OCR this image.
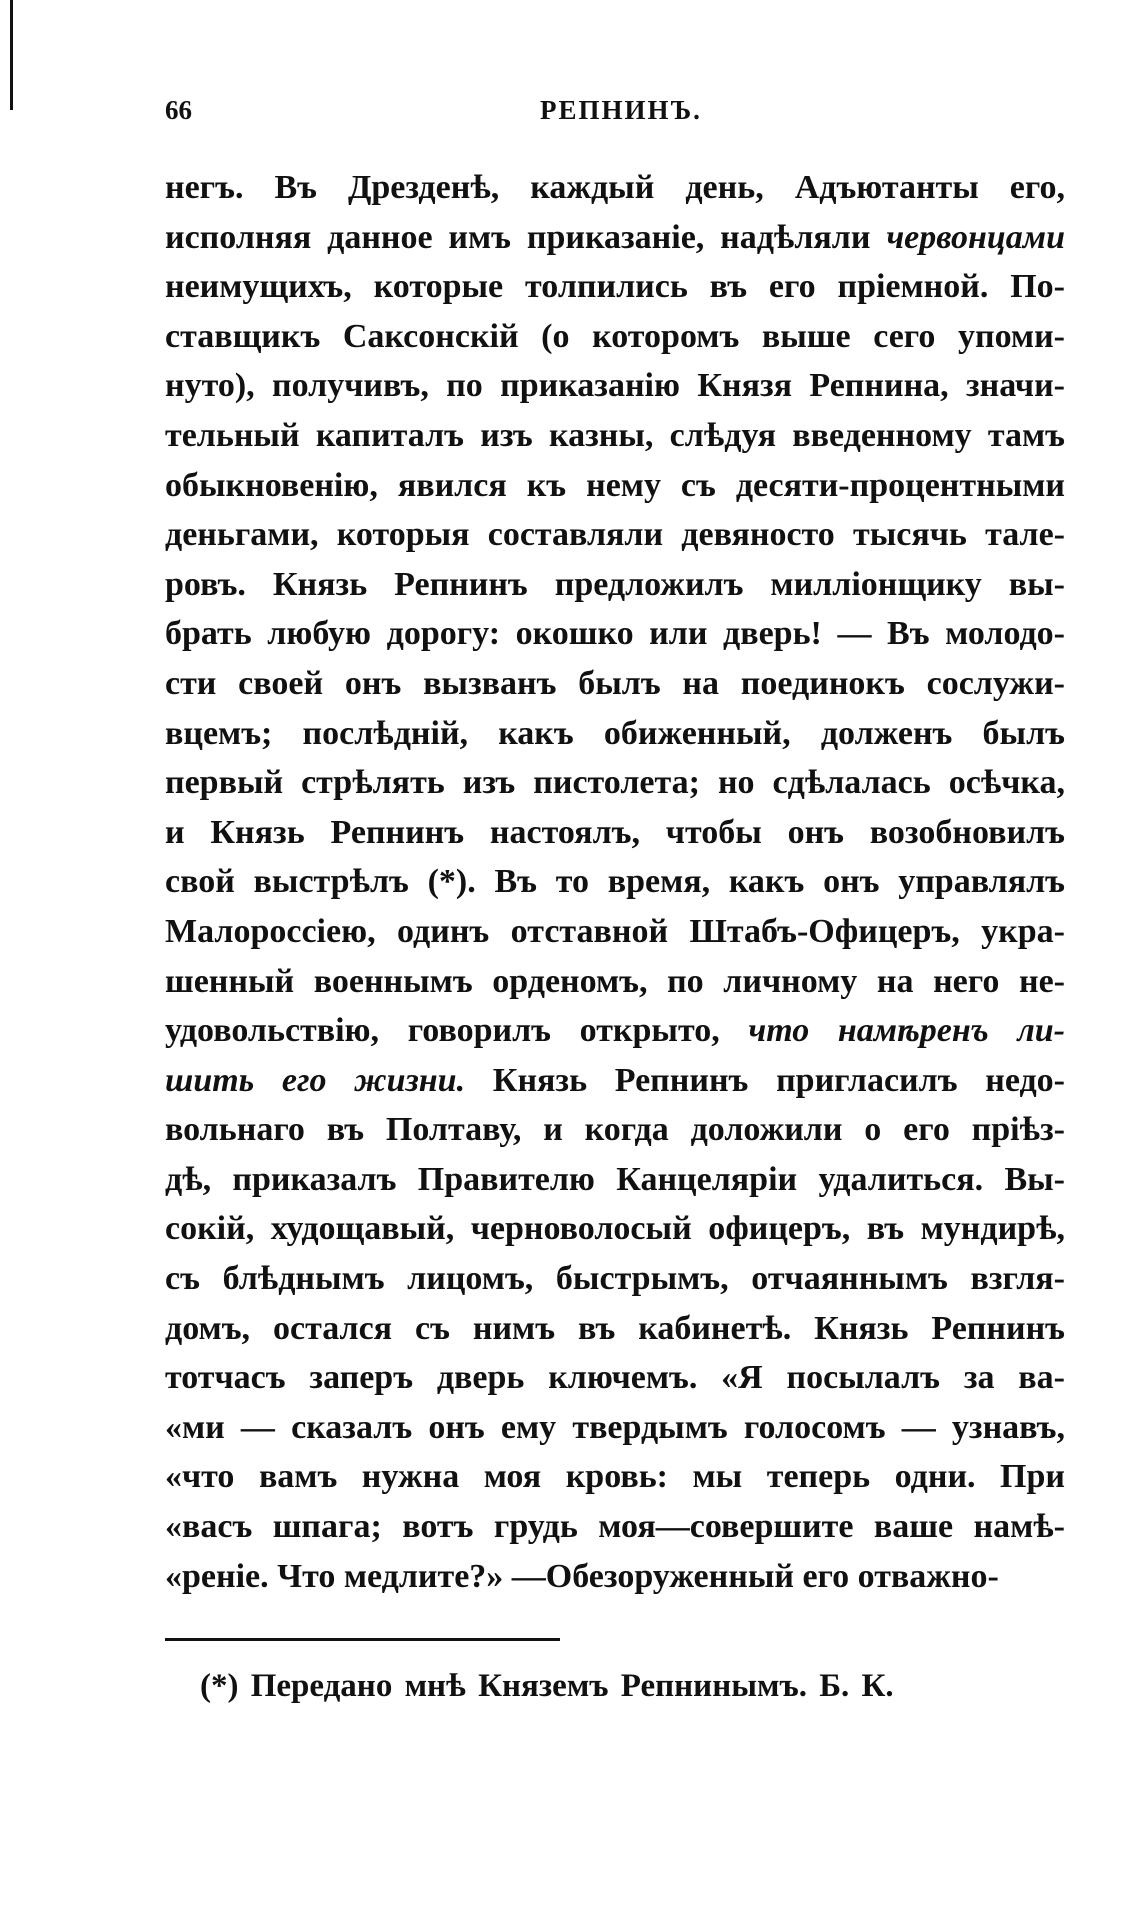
66	РЕПНИНЪ.
негъ. Въ Дрезденѣ, каждый день, Адъютанты его,
исполняя данное имъ приказаніе, надѣляли червонцами
неимущихъ, которые толпились въ его пріемной. По-
ставщикъ Саксонскій (о которомъ выше сего упоми-
нуто), получивъ, по приказанію Князя Репнина, значи-
тельный капиталъ изъ казны, слѣдуя введенному тамъ
обыкновенію, явился къ нему съ десяти-процентными
деньгами, которыя составляли девяносто тысячь тале-
ровъ. Князь Репнинъ предложилъ милліонщику вы-
брать любую дорогу: окошко или дверь! — Въ молодо-
сти своей онъ вызванъ былъ на поединокъ сослужи-
вцемъ; послѣдній, какъ обиженный, долженъ былъ
первый стрѣлять изъ пистолета; но сдѣлалась осѣчка,
и Князь Репнинъ настоялъ, чтобы онъ возобновилъ
свой выстрѣлъ (*). Въ то время, какъ онъ управлялъ
Малороссіею, одинъ отставной Штабъ-Офицеръ, укра-
шенный военнымъ орденомъ, по личному на него не-
удовольствію, говорилъ открыто, что намѣренъ ли-
шить его жизни. Князь Репнинъ пригласилъ недо-
вольнаго въ Полтаву, и когда доложили о его прiѣз-
дѣ, приказалъ Правителю Канцеляріи удалиться. Вы-
сокій, худощавый, черноволосый офицеръ, въ мундирѣ,
съ блѣднымъ лицомъ, быстрымъ, отчаяннымъ взгля-
домъ, остался съ нимъ въ кабинетѣ. Князь Репнинъ
тотчасъ заперъ дверь ключемъ. «Я посылалъ за ва-
«ми — сказалъ онъ ему твердымъ голосомъ — узнавъ,
«что вамъ нужна моя кровь: мы теперь одни. При
«васъ шпага; вотъ грудь моя—совершите ваше намѣ-
«реніе. Что медлите?» —Обезоруженный его отважно-
(*) Передано мнѣ Княземъ Репнинымъ. Б. К.
